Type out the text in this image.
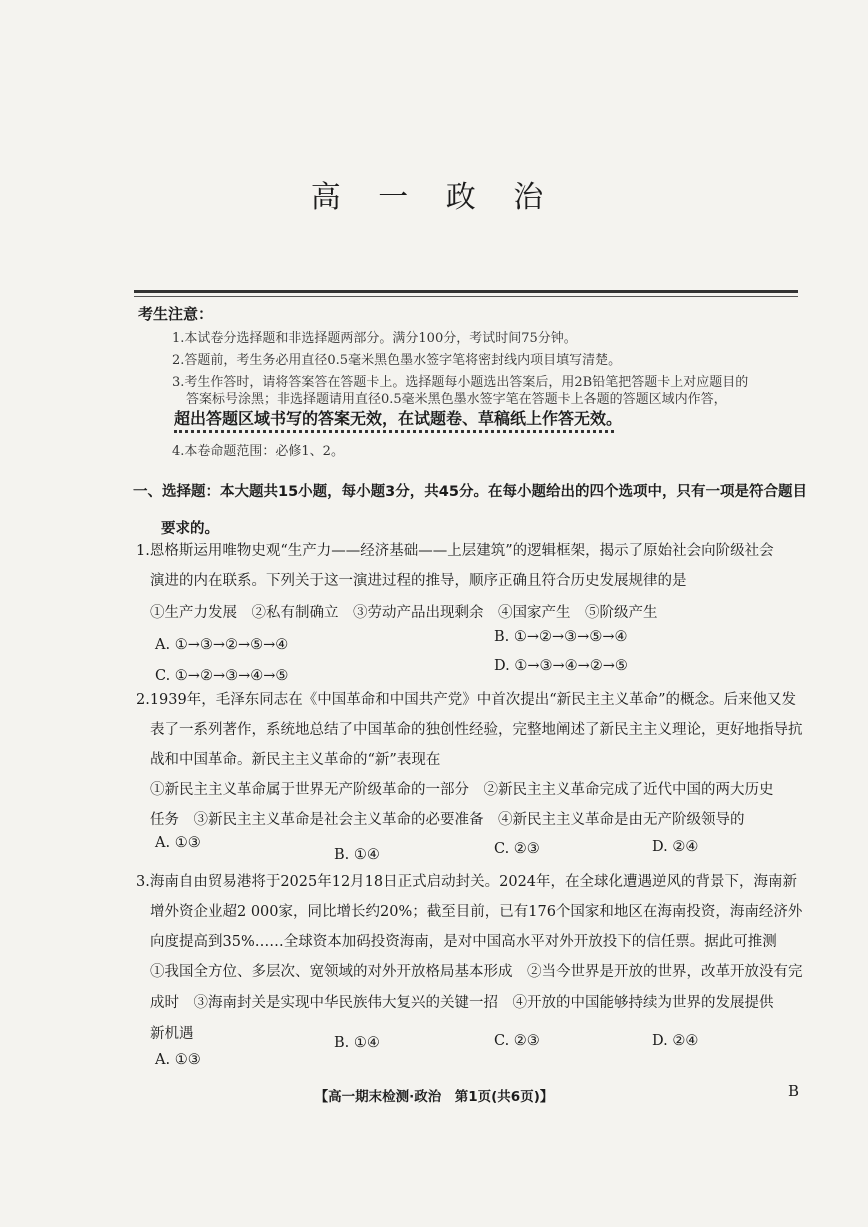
高 一 政 治
考生注意：
1.本试卷分选择题和非选择题两部分。满分100分，考试时间75分钟。
2.答题前，考生务必用直径0.5毫米黑色墨水签字笔将密封线内项目填写清楚。
3.考生作答时，请将答案答在答题卡上。选择题每小题选出答案后，用2B铅笔把答题卡上对应题目的
答案标号涂黑；非选择题请用直径0.5毫米黑色墨水签字笔在答题卡上各题的答题区域内作答，
超出答题区域书写的答案无效，在试题卷、草稿纸上作答无效。
4.本卷命题范围：必修1、2。
一、选择题：本大题共15小题，每小题3分，共45分。在每小题给出的四个选项中，只有一项是符合题目
要求的。
1.恩格斯运用唯物史观“生产力——经济基础——上层建筑”的逻辑框架，揭示了原始社会向阶级社会
演进的内在联系。下列关于这一演进过程的推导，顺序正确且符合历史发展规律的是
①生产力发展　②私有制确立　③劳动产品出现剩余　④国家产生　⑤阶级产生
A. ①→③→②→⑤→④	B. ①→②→③→⑤→④
C. ①→②→③→④→⑤
D. ①→③→④→②→⑤
2.1939年，毛泽东同志在《中国革命和中国共产党》中首次提出“新民主主义革命”的概念。后来他又发
表了一系列著作，系统地总结了中国革命的独创性经验，完整地阐述了新民主主义理论，更好地指导抗
战和中国革命。新民主主义革命的“新”表现在
①新民主主义革命属于世界无产阶级革命的一部分　②新民主主义革命完成了近代中国的两大历史
任务　③新民主主义革命是社会主义革命的必要准备　④新民主主义革命是由无产阶级领导的
A. ①③
B. ①④	C. ②③	D. ②④
3.海南自由贸易港将于2025年12月18日正式启动封关。2024年，在全球化遭遇逆风的背景下，海南新
增外资企业超2 000家，同比增长约20%；截至目前，已有176个国家和地区在海南投资，海南经济外
向度提高到35%……全球资本加码投资海南，是对中国高水平对外开放投下的信任票。据此可推测
①我国全方位、多层次、宽领域的对外开放格局基本形成　②当今世界是开放的世界，改革开放没有完
成时　③海南封关是实现中华民族伟大复兴的关键一招　④开放的中国能够持续为世界的发展提供
新机遇
A. ①③
B. ①④	C. ②③	D. ②④
【高一期末检测·政治　第1页(共6页)】	B
